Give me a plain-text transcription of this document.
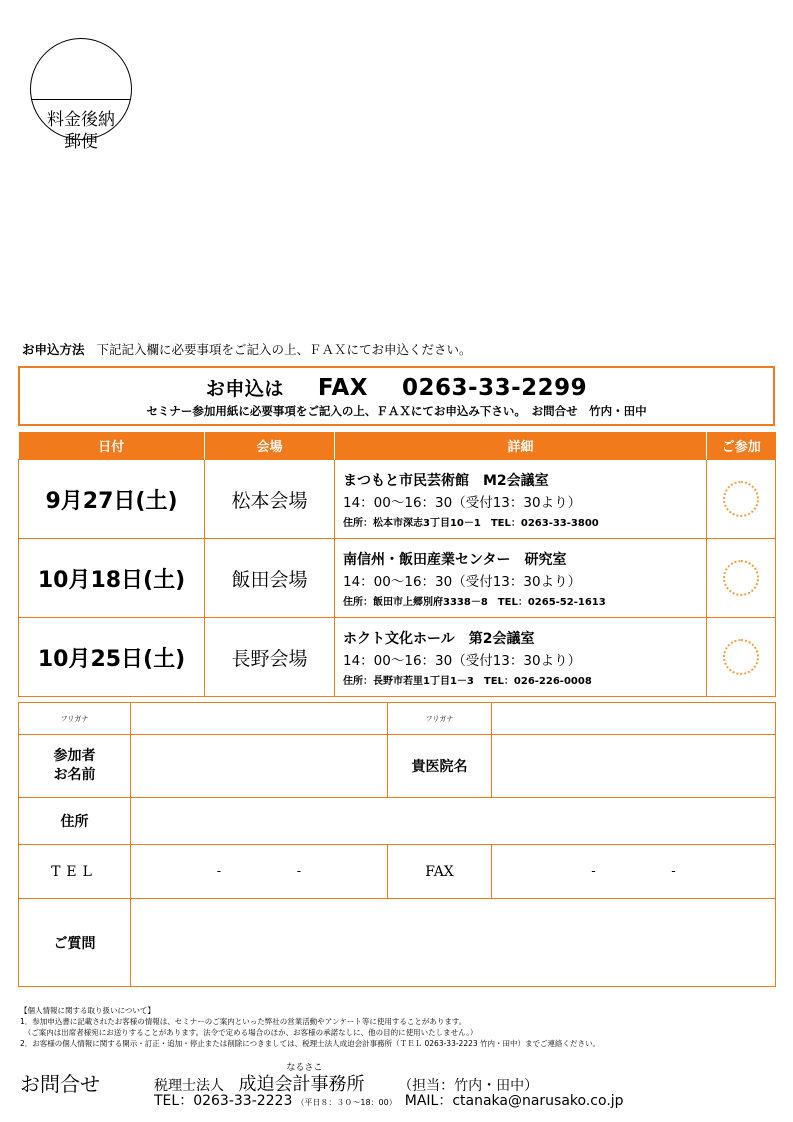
料金後納
郵便
お申込方法 下記記入欄に必要事項をご記入の上、ＦＡＸにてお申込ください。
お申込は FAX 0263-33-2299
セミナー参加用紙に必要事項をご記入の上、ＦＡＸにてお申込み下さい。　お問合せ　竹内・田中
日付	会場	詳細	ご参加
9月27日(土)	松本会場	まつもと市民芸術館　M2会議室
14：00～16：30（受付13：30より）
住所：松本市深志3丁目10－1　TEL：0263-33-3800	

10月18日(土)	飯田会場	南信州・飯田産業センター　研究室
14：00～16：30（受付13：30より）
住所：飯田市上郷別府3338－8　TEL：0265-52-1613	

10月25日(土)	長野会場	ホクト文化ホール　第2会議室
14：00～16：30（受付13：30より）
住所：長野市若里1丁目1－3　TEL：026-226-0008	

フリガナ		フリガナ	
参加者
お名前		貴医院名	
住所			
TEL	- -	FAX	- -
ご質問			
【個人情報に関する取り扱いについて】
1．参加申込書に記載されたお客様の情報は、セミナーのご案内といった弊社の営業活動やアンケート等に使用することがあります。
　（ご案内は出席者様宛にお送りすることがあります。法令で定める場合のほか、お客様の承諾なしに、他の目的に使用いたしません。）
2．お客様の個人情報に関する開示・訂正・追加・停止または削除につきましては、税理士法人成迫会計事務所（ＴＥＬ 0263-33-2223 竹内・田中）までご連絡ください。
お問合せ	税理士法人
なるさこ
成迫会計事務所 （担当：竹内・田中）
TEL：0263-33-2223 （平日８：３０～18：00） MAIL：ctanaka@narusako.co.jp
